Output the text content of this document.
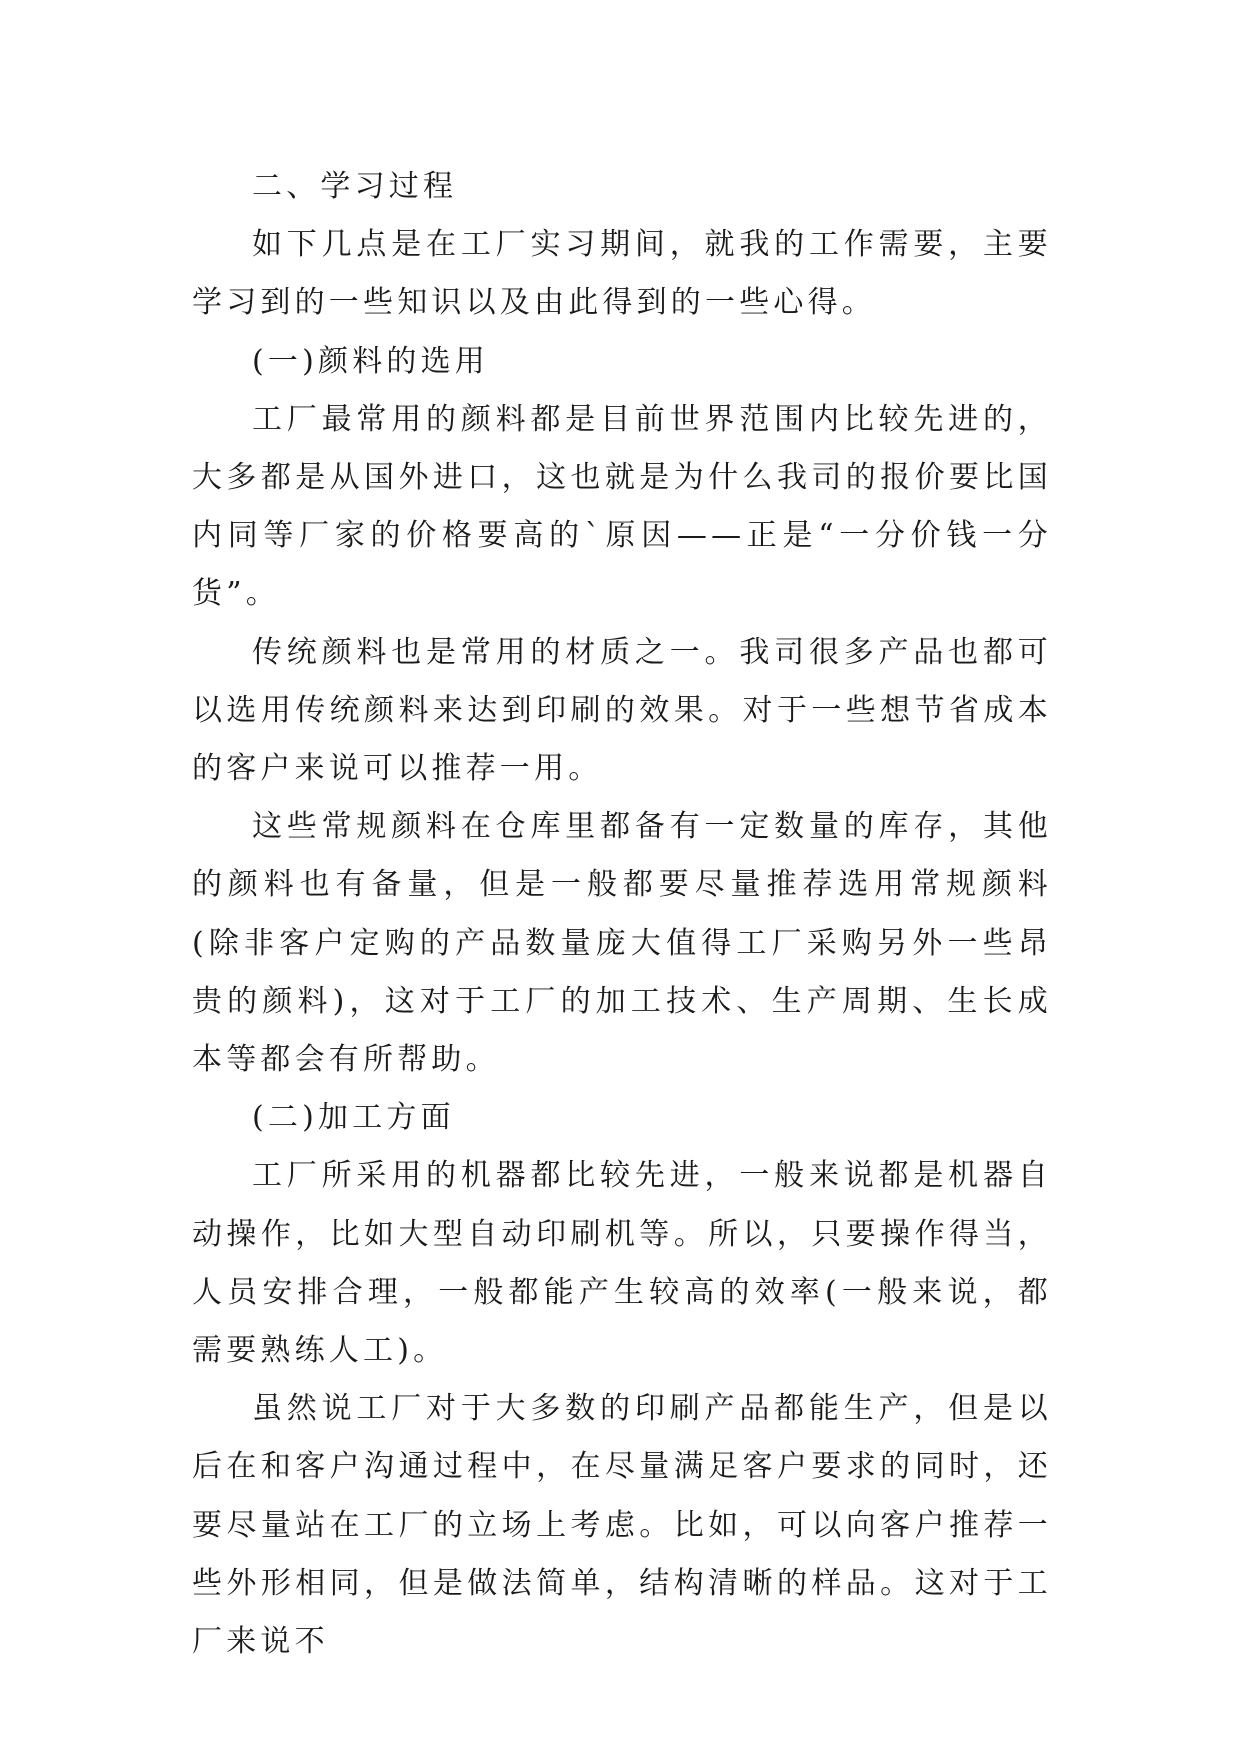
二、学习过程

如下几点是在工厂实习期间，就我的工作需要，主要学习到的一些知识以及由此得到的一些心得。

(一)颜料的选用

工厂最常用的颜料都是目前世界范围内比较先进的，大多都是从国外进口，这也就是为什么我司的报价要比国内同等厂家的价格要高的`原因——正是“一分价钱一分货”。

传统颜料也是常用的材质之一。我司很多产品也都可以选用传统颜料来达到印刷的效果。对于一些想节省成本的客户来说可以推荐一用。

这些常规颜料在仓库里都备有一定数量的库存，其他的颜料也有备量，但是一般都要尽量推荐选用常规颜料(除非客户定购的产品数量庞大值得工厂采购另外一些昂贵的颜料)，这对于工厂的加工技术、生产周期、生长成本等都会有所帮助。

(二)加工方面

工厂所采用的机器都比较先进，一般来说都是机器自动操作，比如大型自动印刷机等。所以，只要操作得当，人员安排合理，一般都能产生较高的效率(一般来说，都需要熟练人工)。

虽然说工厂对于大多数的印刷产品都能生产，但是以后在和客户沟通过程中，在尽量满足客户要求的同时，还要尽量站在工厂的立场上考虑。比如，可以向客户推荐一些外形相同，但是做法简单，结构清晰的样品。这对于工厂来说不
